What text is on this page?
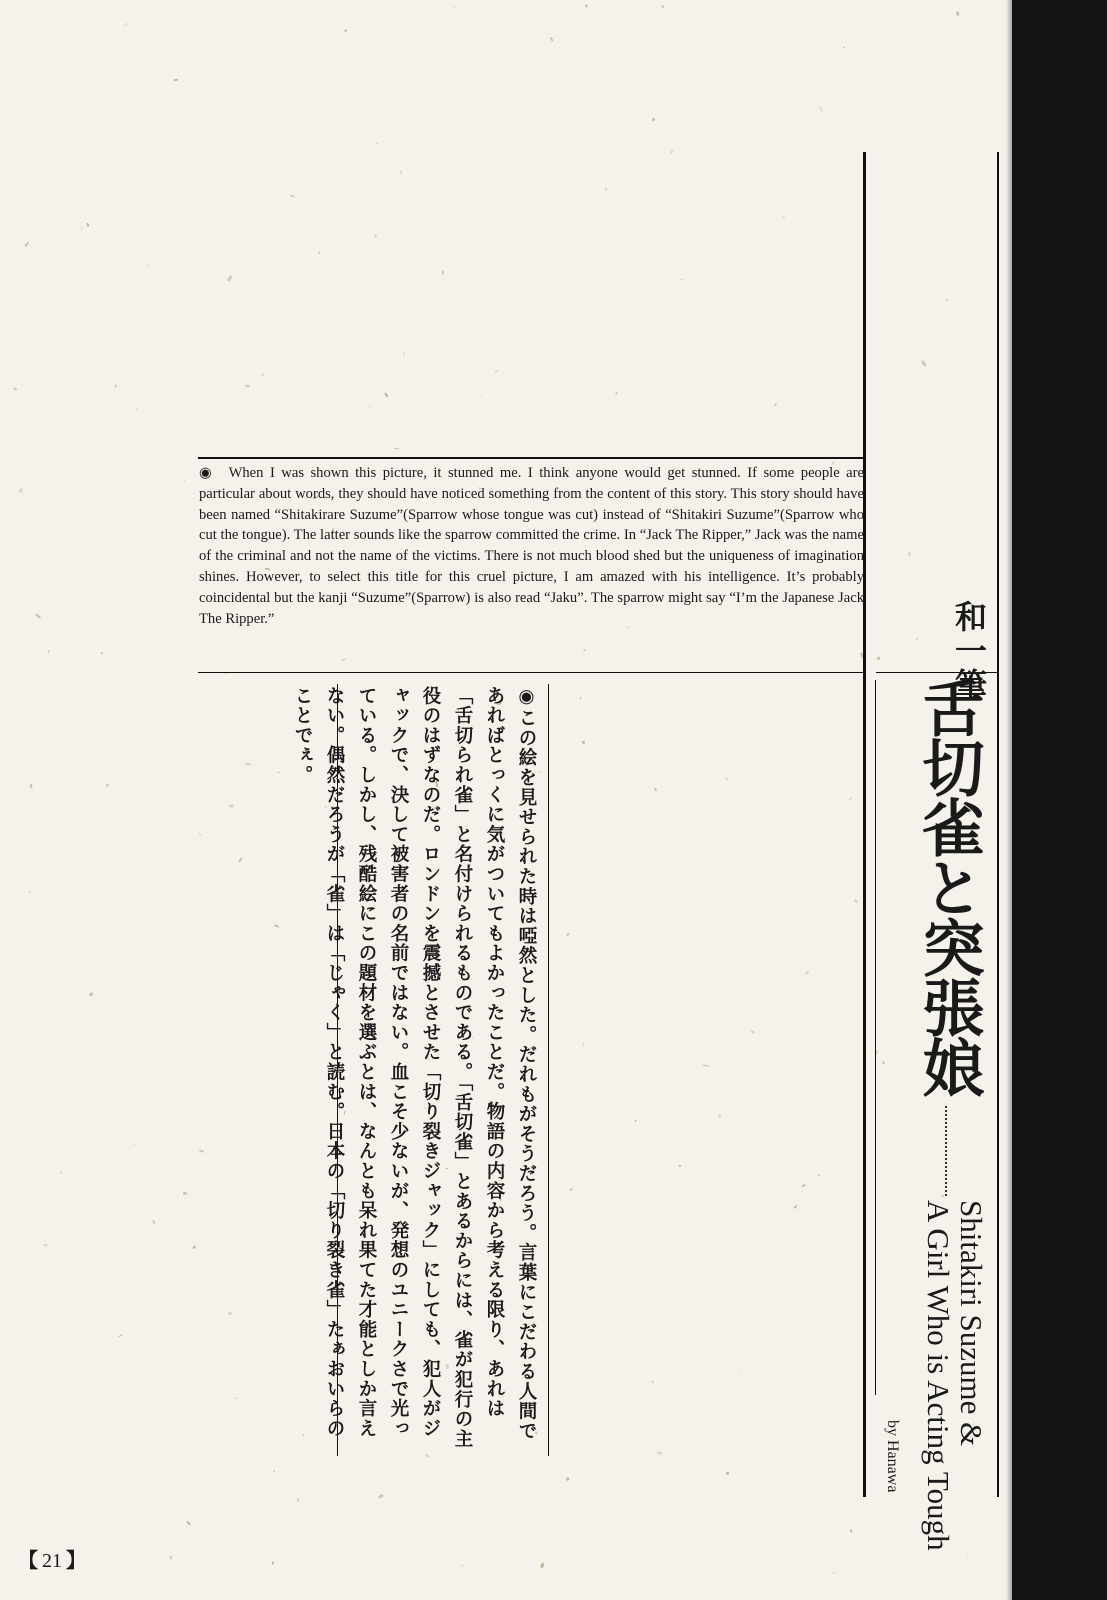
◉ When I was shown this picture, it stunned me. I think anyone would get stunned. If some people are particular about words, they should have noticed something from the content of this story. This story should have been named “Shitakirare Suzume”(Sparrow whose tongue was cut) instead of “Shitakiri Suzume”(Sparrow who cut the tongue). The latter sounds like the sparrow committed the crime. In “Jack The Ripper,” Jack was the name of the criminal and not the name of the victims. There is not much blood shed but the uniqueness of imagination shines. However, to select this title for this cruel picture, I am amazed with his intelligence. It’s probably coincidental but the kanji “Suzume”(Sparrow) is also read “Jaku”. The sparrow might say “I’m the Japanese Jack The Ripper.”
◉この絵を見せられた時は啞然とした。だれもがそうだろう。言葉にこだわる人間であればとっくに気がついてもよかったことだ。物語の内容から考える限り、あれは「舌切られ雀」と名付けられるものである。「舌切雀」とあるからには、雀が犯行の主役のはずなのだ。ロンドンを震撼とさせた「切り裂きジャック」にしても、犯人がジャックで、決して被害者の名前ではない。血こそ少ないが、発想のユニークさで光っている。しかし、残酷絵にこの題材を選ぶとは、なんとも呆れ果てた才能としか言えない。偶然だろうが「雀」は「じゃく」と読む。日本の「切り裂き雀」たぁおいらのことでぇ。
和一筆
舌切雀と突張娘
Shitakiri Suzume &
A Girl Who is Acting Tough
by Hanawa
【 21 】
